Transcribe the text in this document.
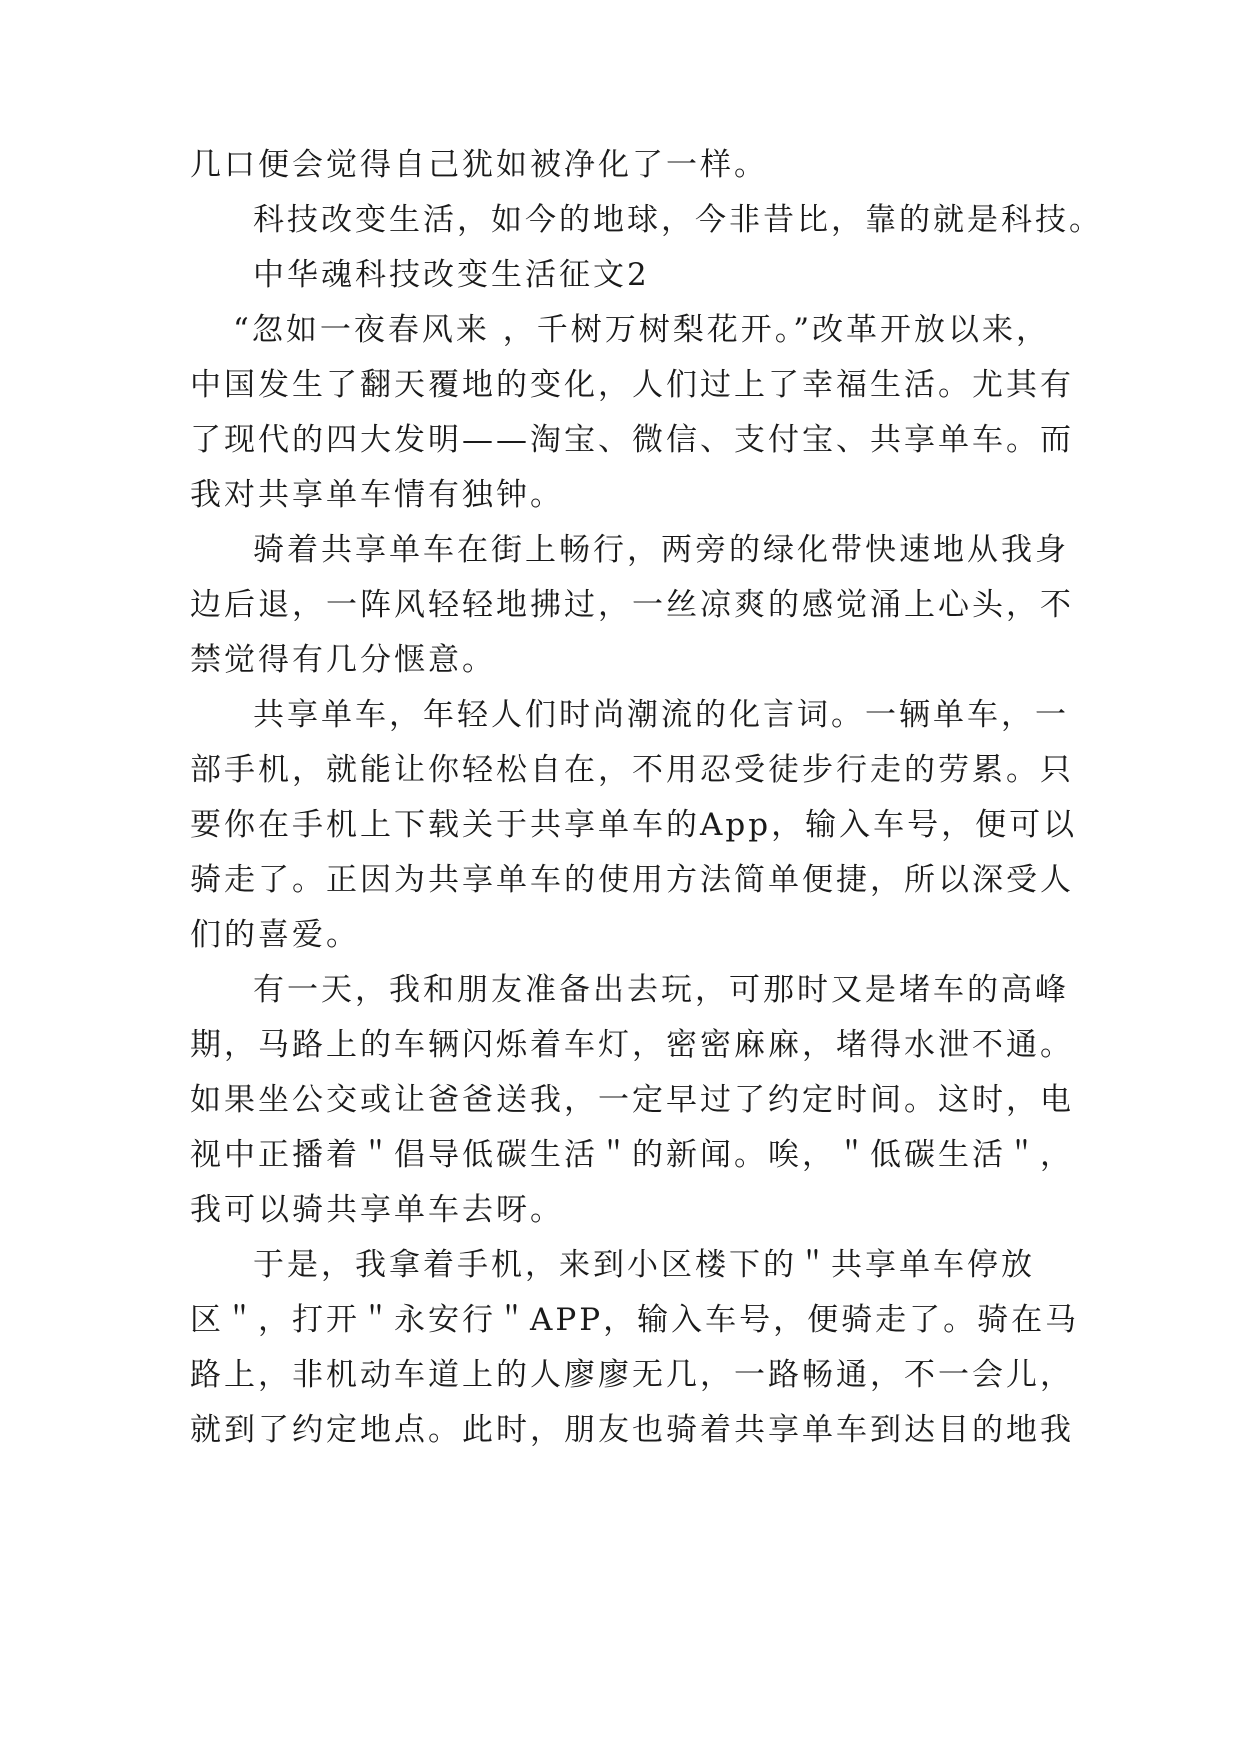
几口便会觉得自己犹如被净化了一样。
科技改变生活，如今的地球，今非昔比，靠的就是科技。
中华魂科技改变生活征文2
“忽如一夜春风来 ，千树万树梨花开。”改革开放以来，
中国发生了翻天覆地的变化，人们过上了幸福生活。尤其有
了现代的四大发明——淘宝、微信、支付宝、共享单车。而
我对共享单车情有独钟。
骑着共享单车在街上畅行，两旁的绿化带快速地从我身
边后退，一阵风轻轻地拂过，一丝凉爽的感觉涌上心头，不
禁觉得有几分惬意。
共享单车，年轻人们时尚潮流的化言词。一辆单车，一
部手机，就能让你轻松自在，不用忍受徒步行走的劳累。只
要你在手机上下载关于共享单车的App，输入车号，便可以
骑走了。正因为共享单车的使用方法简单便捷，所以深受人
们的喜爱。
有一天，我和朋友准备出去玩，可那时又是堵车的高峰
期，马路上的车辆闪烁着车灯，密密麻麻，堵得水泄不通。
如果坐公交或让爸爸送我，一定早过了约定时间。这时，电
视中正播着＂倡导低碳生活＂的新闻。唉，＂低碳生活＂，
我可以骑共享单车去呀。
于是，我拿着手机，来到小区楼下的＂共享单车停放
区＂，打开＂永安行＂APP，输入车号，便骑走了。骑在马
路上，非机动车道上的人廖廖无几，一路畅通，不一会儿，
就到了约定地点。此时，朋友也骑着共享单车到达目的地我
